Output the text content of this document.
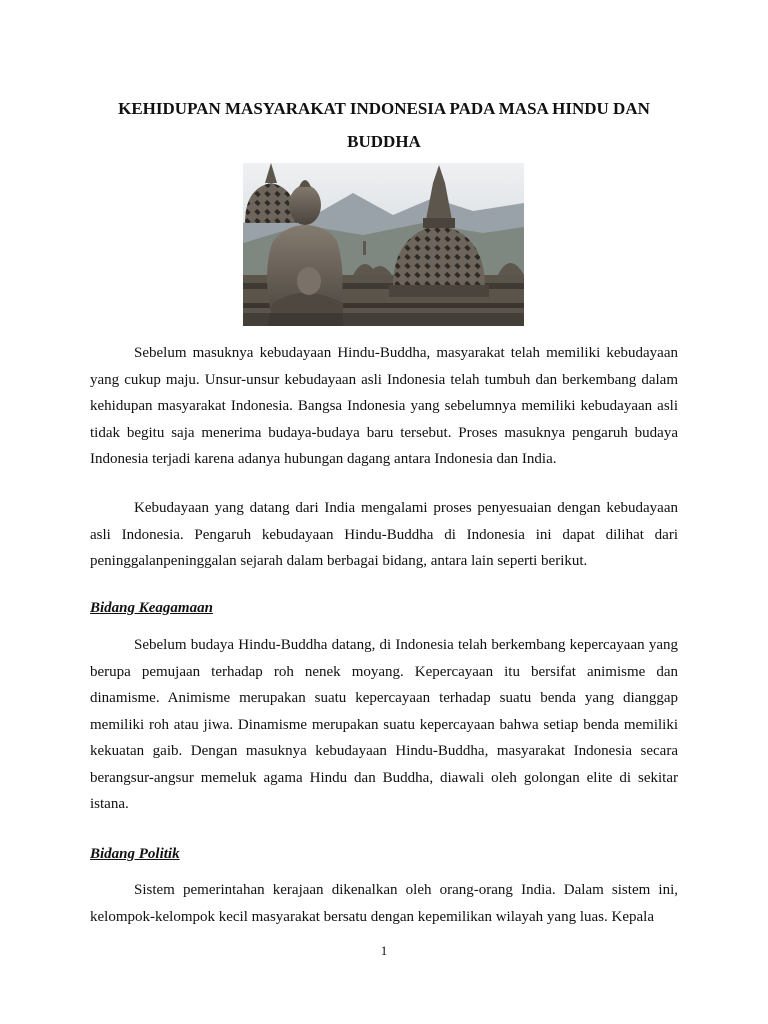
KEHIDUPAN MASYARAKAT INDONESIA PADA MASA HINDU DAN BUDDHA

Sebelum masuknya kebudayaan Hindu-Buddha, masyarakat telah memiliki kebudayaan yang cukup maju. Unsur-unsur kebudayaan asli Indonesia telah tumbuh dan berkembang dalam kehidupan masyarakat Indonesia. Bangsa Indonesia yang sebelumnya memiliki kebudayaan asli tidak begitu saja menerima budaya-budaya baru tersebut. Proses masuknya pengaruh budaya Indonesia terjadi karena adanya hubungan dagang antara Indonesia dan India.

Kebudayaan yang datang dari India mengalami proses penyesuaian dengan kebudayaan asli Indonesia. Pengaruh kebudayaan Hindu-Buddha di Indonesia ini dapat dilihat dari peninggalanpeninggalan sejarah dalam berbagai bidang, antara lain seperti berikut.

Bidang Keagamaan

Sebelum budaya Hindu-Buddha datang, di Indonesia telah berkembang kepercayaan yang berupa pemujaan terhadap roh nenek moyang. Kepercayaan itu bersifat animisme dan dinamisme. Animisme merupakan suatu kepercayaan terhadap suatu benda yang dianggap memiliki roh atau jiwa. Dinamisme merupakan suatu kepercayaan bahwa setiap benda memiliki kekuatan gaib. Dengan masuknya kebudayaan Hindu-Buddha, masyarakat Indonesia secara berangsur-angsur memeluk agama Hindu dan Buddha, diawali oleh golongan elite di sekitar istana.

Bidang Politik

Sistem pemerintahan kerajaan dikenalkan oleh orang-orang India. Dalam sistem ini, kelompok-kelompok kecil masyarakat bersatu dengan kepemilikan wilayah yang luas. Kepala

1
